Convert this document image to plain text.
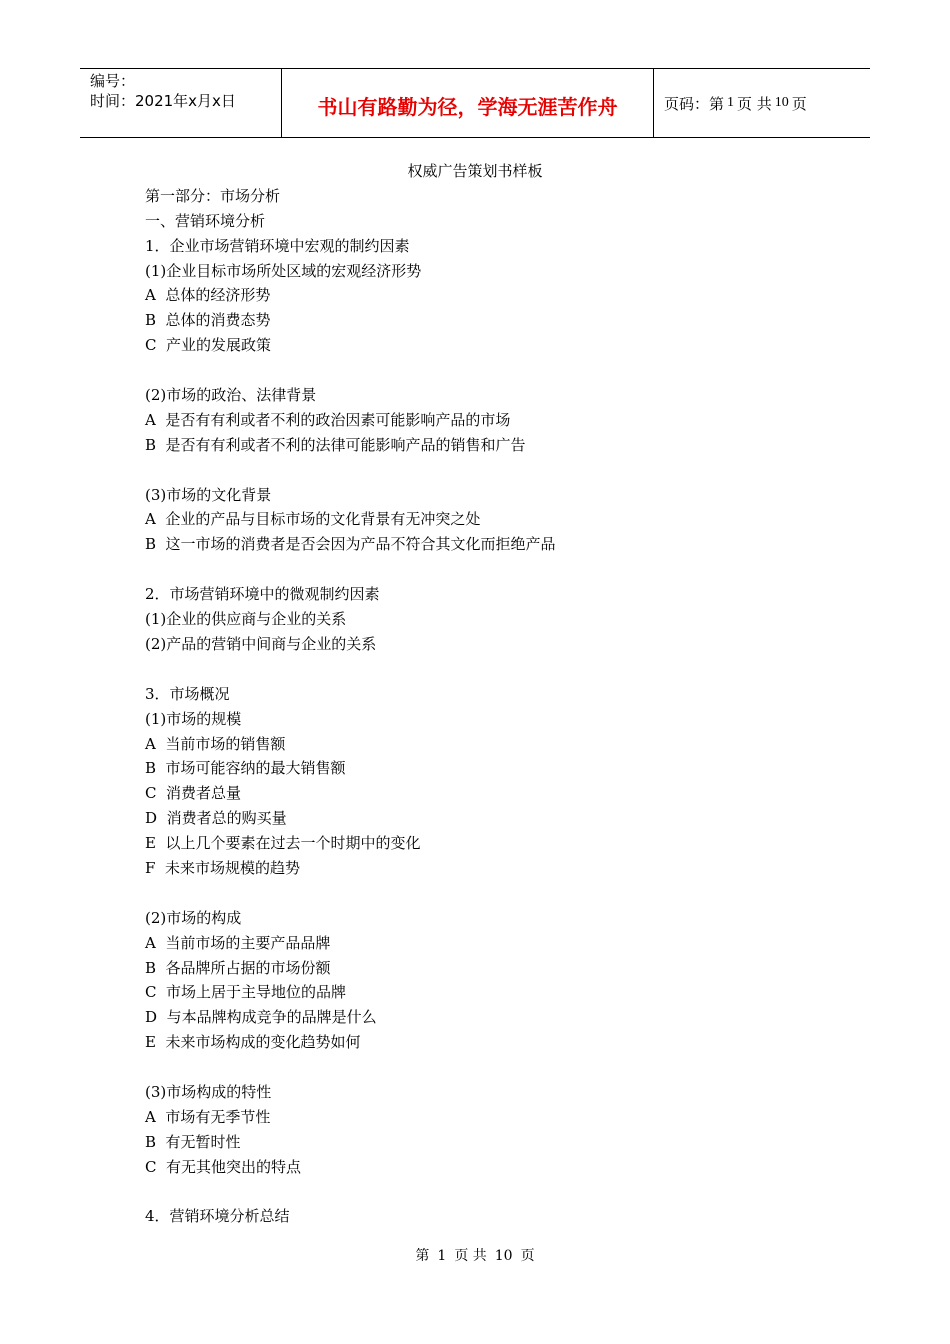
编号：
时间：2021年x月x日	书山有路勤为径，学海无涯苦作舟	页码：第 1 页 共 10 页
权威广告策划书样板
第一部分：市场分析
一、营销环境分析
1．企业市场营销环境中宏观的制约因素
(1)企业目标市场所处区域的宏观经济形势
A  总体的经济形势
B  总体的消费态势
C  产业的发展政策
(2)市场的政治、法律背景
A  是否有有利或者不利的政治因素可能影响产品的市场
B  是否有有利或者不利的法律可能影响产品的销售和广告
(3)市场的文化背景
A  企业的产品与目标市场的文化背景有无冲突之处
B  这一市场的消费者是否会因为产品不符合其文化而拒绝产品
2．市场营销环境中的微观制约因素
(1)企业的供应商与企业的关系
(2)产品的营销中间商与企业的关系
3．市场概况
(1)市场的规模
A  当前市场的销售额
B  市场可能容纳的最大销售额
C  消费者总量
D  消费者总的购买量
E  以上几个要素在过去一个时期中的变化
F  未来市场规模的趋势
(2)市场的构成
A  当前市场的主要产品品牌
B  各品牌所占据的市场份额
C  市场上居于主导地位的品牌
D  与本品牌构成竞争的品牌是什么
E  未来市场构成的变化趋势如何
(3)市场构成的特性
A  市场有无季节性
B  有无暂时性
C  有无其他突出的特点
4．营销环境分析总结
第 1 页 共 10 页
